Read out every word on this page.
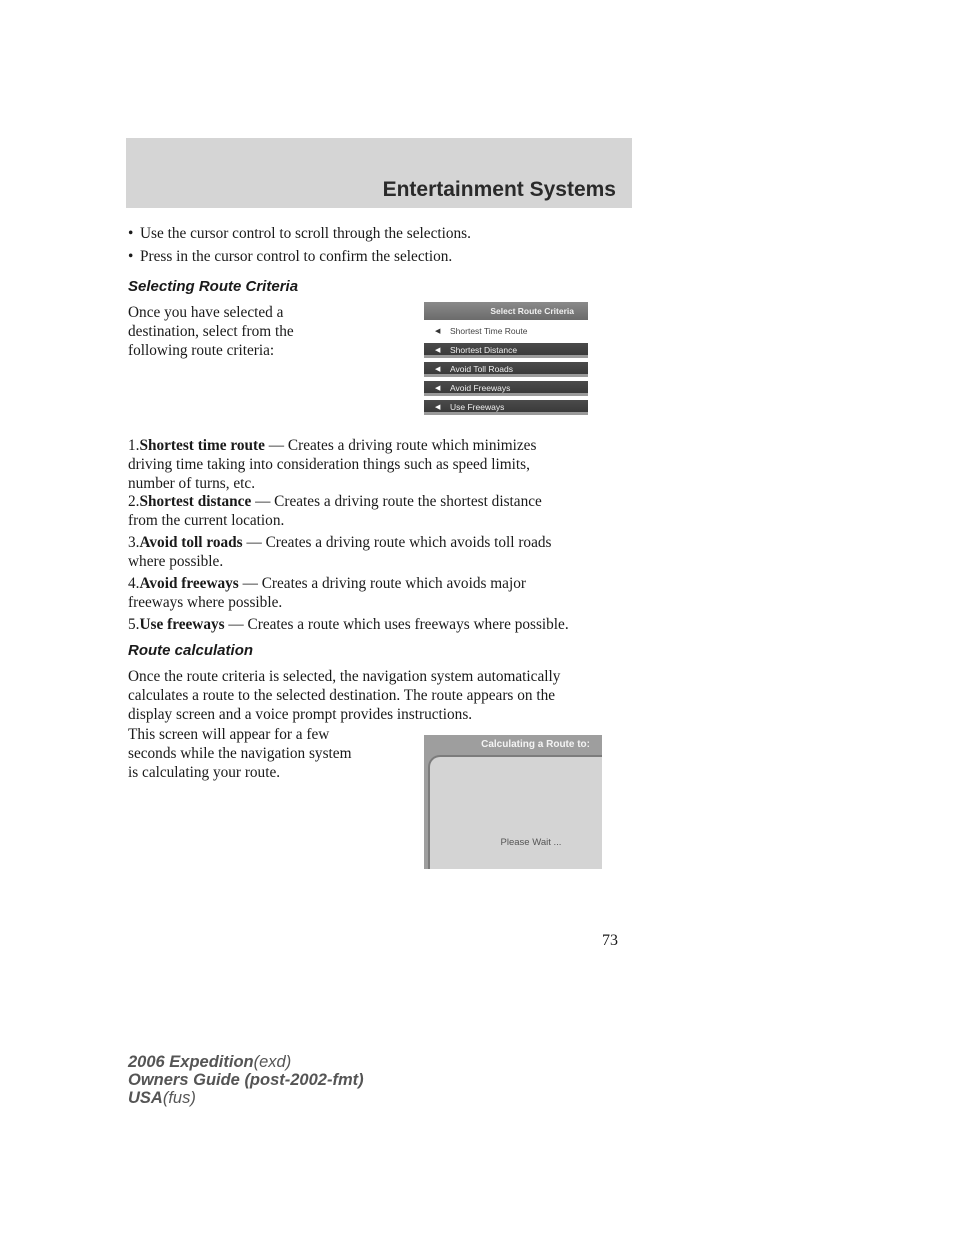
Entertainment Systems
• Use the cursor control to scroll through the selections.
• Press in the cursor control to confirm the selection.
Selecting Route Criteria
Once you have selected a
destination, select from the
following route criteria:
Select Route Criteria
◀ Shortest Time Route
◀ Shortest Distance
◀ Avoid Toll Roads
◀ Avoid Freeways
◀ Use Freeways
1.Shortest time route — Creates a driving route which minimizes
driving time taking into consideration things such as speed limits,
number of turns, etc.
2.Shortest distance — Creates a driving route the shortest distance
from the current location.
3.Avoid toll roads — Creates a driving route which avoids toll roads
where possible.
4.Avoid freeways — Creates a driving route which avoids major
freeways where possible.
5.Use freeways — Creates a route which uses freeways where possible.
Route calculation
Once the route criteria is selected, the navigation system automatically
calculates a route to the selected destination. The route appears on the
display screen and a voice prompt provides instructions.
This screen will appear for a few
seconds while the navigation system
is calculating your route.
Calculating a Route to:
Please Wait ...
73
2006 Expedition(exd)
Owners Guide (post-2002-fmt)
USA(fus)
